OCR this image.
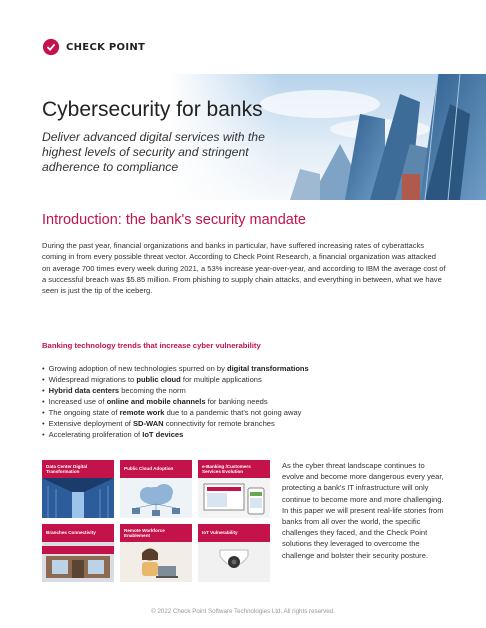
CHECK POINT
Cybersecurity for banks
Deliver advanced digital services with the highest levels of security and stringent adherence to compliance
Introduction: the bank's security mandate
During the past year, financial organizations and banks in particular, have suffered increasing rates of cyberattacks coming in from every possible threat vector. According to Check Point Research, a financial organization was attacked on average 700 times every week during 2021, a 53% increase year-over-year, and according to IBM the average cost of a successful breach was $5.85 million. From phishing to supply chain attacks, and everything in between, what we have seen is just the tip of the iceberg.
Banking technology trends that increase cyber vulnerability
• Growing adoption of new technologies spurred on by digital transformations
• Widespread migrations to public cloud for multiple applications
• Hybrid data centers becoming the norm
• Increased use of online and mobile channels for banking needs
• The ongoing state of remote work due to a pandemic that's not going away
• Extensive deployment of SD-WAN connectivity for remote branches
• Accelerating proliferation of IoT devices
Data Center Digital Transformation
Public Cloud Adoption
e-Banking /Customers Services Evolution
Branches Connectivity
Remote Workforce Enablement
IoT Vulnerability
As the cyber threat landscape continues to evolve and become more dangerous every year, protecting a bank's IT infrastructure will only continue to become more and more challenging. In this paper we will present real-life stories from banks from all over the world, the specific challenges they faced, and the Check Point solutions they leveraged to overcome the challenge and bolster their security posture.
© 2022 Check Point Software Technologies Ltd. All rights reserved.
